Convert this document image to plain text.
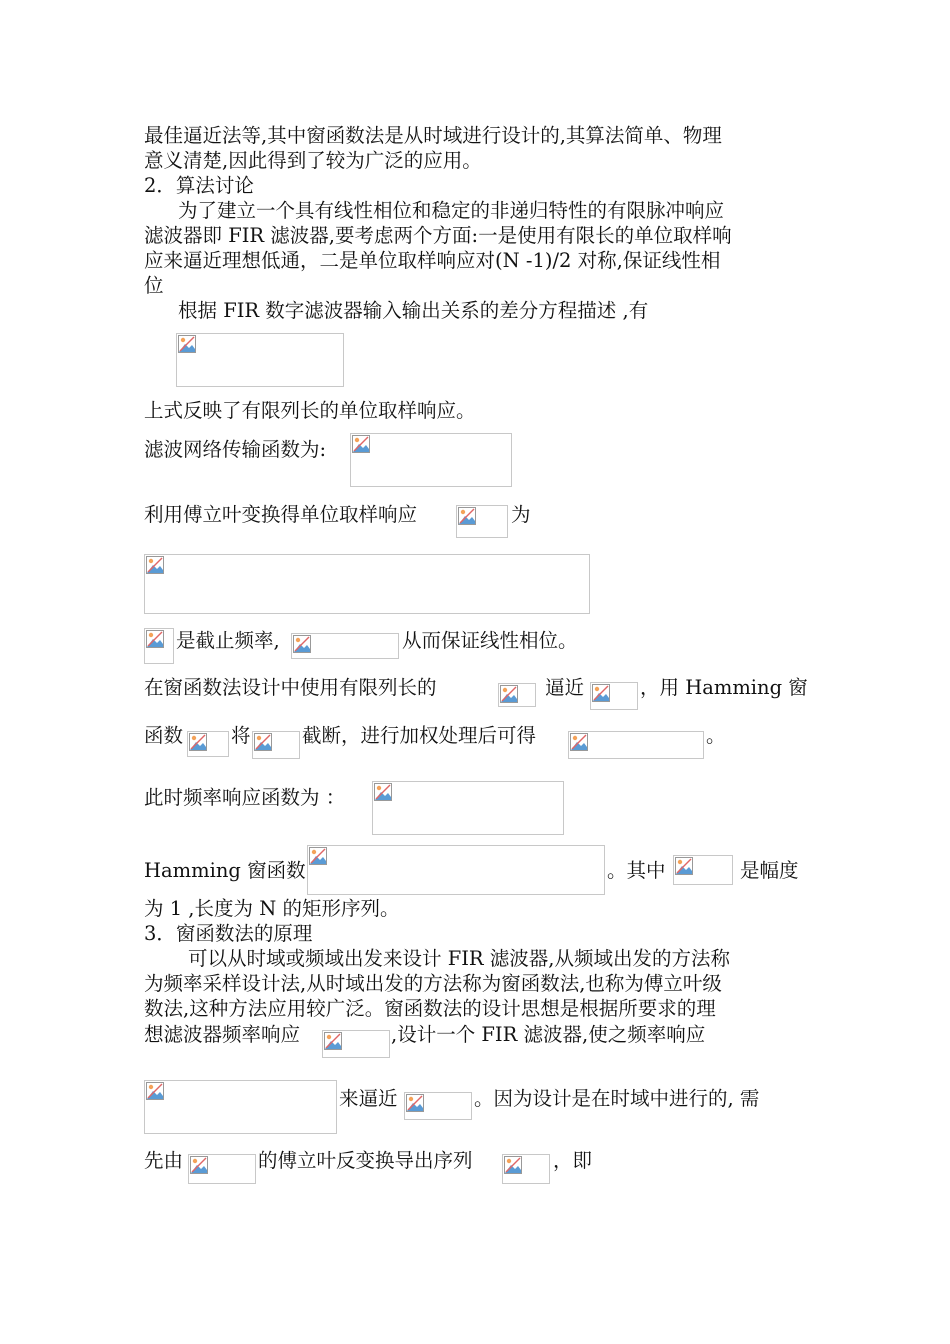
最佳逼近法等,其中窗函数法是从时域进行设计的,其算法简单、物理
意义清楚,因此得到了较为广泛的应用。
2．算法讨论
为了建立一个具有线性相位和稳定的非递归特性的有限脉冲响应
滤波器即 FIR 滤波器,要考虑两个方面:一是使用有限长的单位取样响
应来逼近理想低通，二是单位取样响应对(N -1)/2 对称,保证线性相
位
根据 FIR 数字滤波器输入输出关系的差分方程描述 ,有
上式反映了有限列长的单位取样响应。
滤波网络传输函数为:
利用傅立叶变换得单位取样响应	为
是截止频率,	从而保证线性相位。
在窗函数法设计中使用有限列长的	逼近	，用 Hamming 窗
函数 将	截断，进行加权处理后可得	。
此时频率响应函数为 ：
Hamming 窗函数	。其中	是幅度
为 1 ,长度为 N 的矩形序列。
3．窗函数法的原理
可以从时域或频域出发来设计 FIR 滤波器,从频域出发的方法称
为频率采样设计法,从时域出发的方法称为窗函数法,也称为傅立叶级
数法,这种方法应用较广泛。窗函数法的设计思想是根据所要求的理
想滤波器频率响应	,设计一个 FIR 滤波器,使之频率响应
来逼近	。因为设计是在时域中进行的, 需
先由	的傅立叶反变换导出序列	，即
